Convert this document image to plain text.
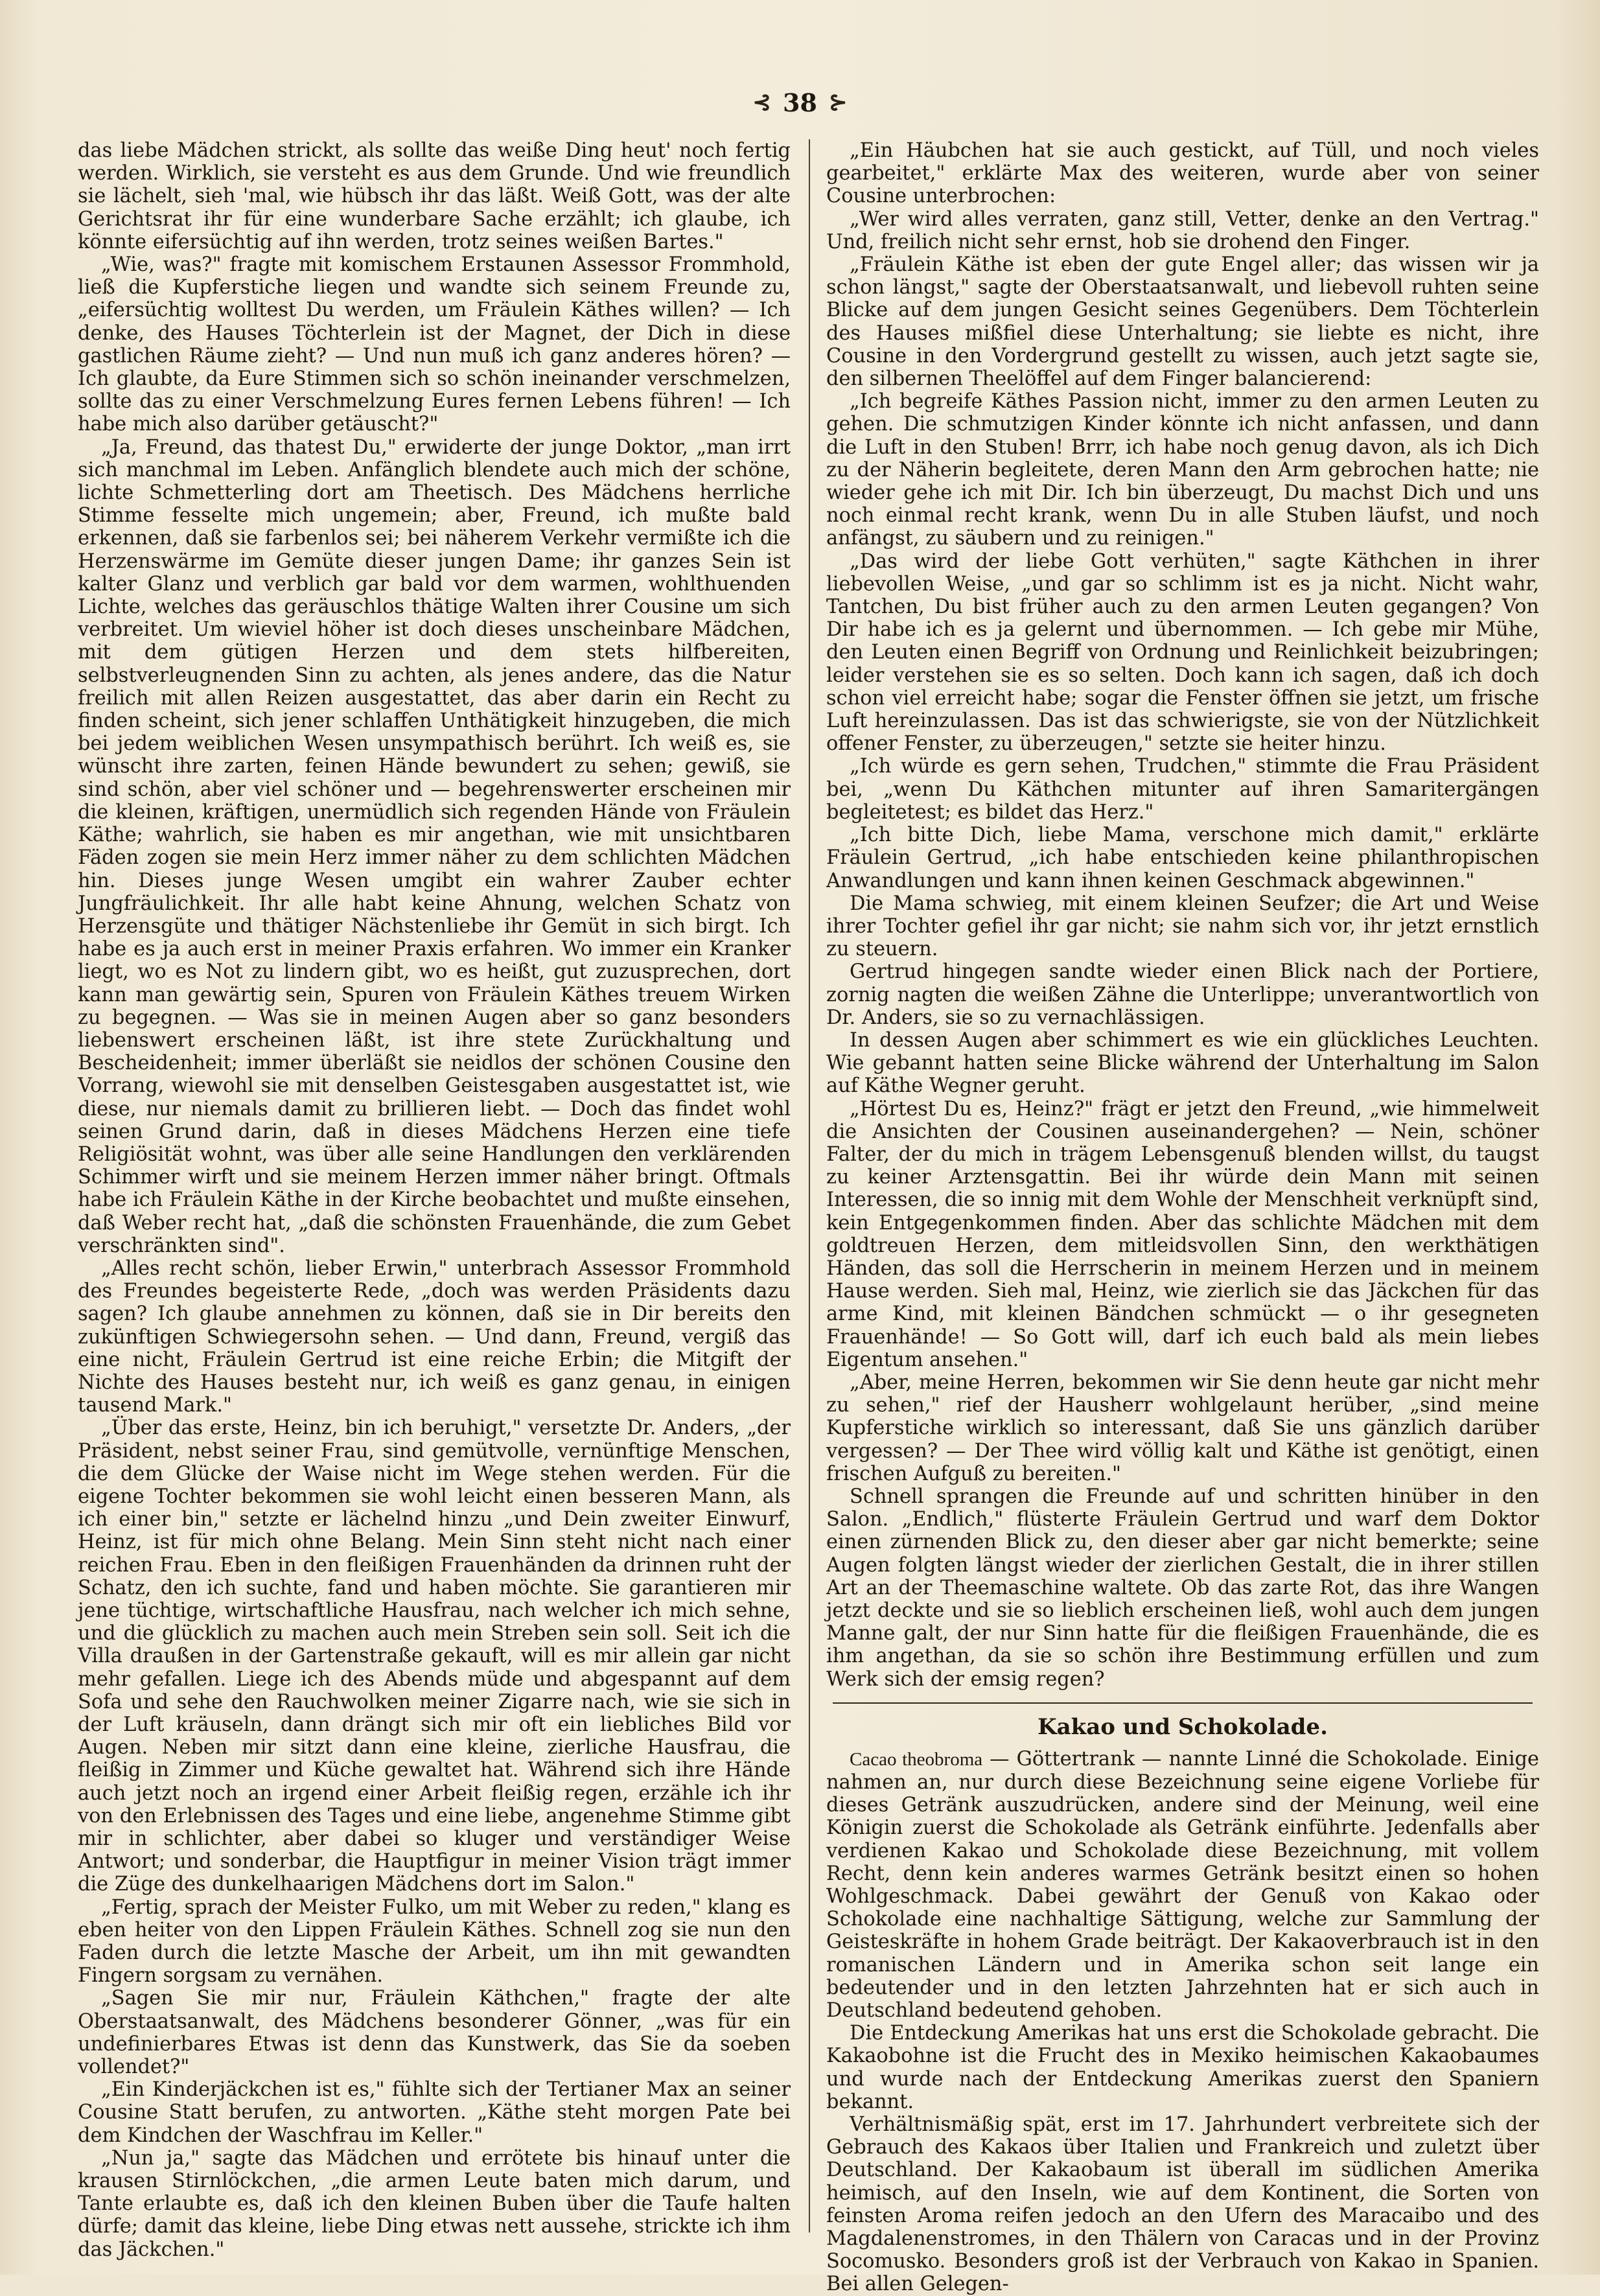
⊰ 38 ⊱

das liebe Mädchen strickt, als sollte das weiße Ding heut' noch fertig werden. Wirklich, sie versteht es aus dem Grunde. Und wie freundlich sie lächelt, sieh 'mal, wie hübsch ihr das läßt. Weiß Gott, was der alte Gerichtsrat ihr für eine wunderbare Sache erzählt; ich glaube, ich könnte eifersüchtig auf ihn werden, trotz seines weißen Bartes."

„Wie, was?" fragte mit komischem Erstaunen Assessor Frommhold, ließ die Kupferstiche liegen und wandte sich seinem Freunde zu, „eifersüchtig wolltest Du werden, um Fräulein Käthes willen? — Ich denke, des Hauses Töchterlein ist der Magnet, der Dich in diese gastlichen Räume zieht? — Und nun muß ich ganz anderes hören? — Ich glaubte, da Eure Stimmen sich so schön ineinander verschmelzen, sollte das zu einer Verschmelzung Eures fernen Lebens führen! — Ich habe mich also darüber getäuscht?"

„Ja, Freund, das thatest Du," erwiderte der junge Doktor, „man irrt sich manchmal im Leben. Anfänglich blendete auch mich der schöne, lichte Schmetterling dort am Theetisch. Des Mädchens herrliche Stimme fesselte mich ungemein; aber, Freund, ich mußte bald erkennen, daß sie farbenlos sei; bei näherem Verkehr vermißte ich die Herzenswärme im Gemüte dieser jungen Dame; ihr ganzes Sein ist kalter Glanz und verblich gar bald vor dem warmen, wohlthuenden Lichte, welches das geräuschlos thätige Walten ihrer Cousine um sich verbreitet. Um wieviel höher ist doch dieses unscheinbare Mädchen, mit dem gütigen Herzen und dem stets hilfbereiten, selbstverleugnenden Sinn zu achten, als jenes andere, das die Natur freilich mit allen Reizen ausgestattet, das aber darin ein Recht zu finden scheint, sich jener schlaffen Unthätigkeit hinzugeben, die mich bei jedem weiblichen Wesen unsympathisch berührt. Ich weiß es, sie wünscht ihre zarten, feinen Hände bewundert zu sehen; gewiß, sie sind schön, aber viel schöner und — begehrenswerter erscheinen mir die kleinen, kräftigen, unermüdlich sich regenden Hände von Fräulein Käthe; wahrlich, sie haben es mir angethan, wie mit unsichtbaren Fäden zogen sie mein Herz immer näher zu dem schlichten Mädchen hin. Dieses junge Wesen umgibt ein wahrer Zauber echter Jungfräulichkeit. Ihr alle habt keine Ahnung, welchen Schatz von Herzensgüte und thätiger Nächstenliebe ihr Gemüt in sich birgt. Ich habe es ja auch erst in meiner Praxis erfahren. Wo immer ein Kranker liegt, wo es Not zu lindern gibt, wo es heißt, gut zuzusprechen, dort kann man gewärtig sein, Spuren von Fräulein Käthes treuem Wirken zu begegnen. — Was sie in meinen Augen aber so ganz besonders liebenswert erscheinen läßt, ist ihre stete Zurückhaltung und Bescheidenheit; immer überläßt sie neidlos der schönen Cousine den Vorrang, wiewohl sie mit denselben Geistesgaben ausgestattet ist, wie diese, nur niemals damit zu brillieren liebt. — Doch das findet wohl seinen Grund darin, daß in dieses Mädchens Herzen eine tiefe Religiösität wohnt, was über alle seine Handlungen den verklärenden Schimmer wirft und sie meinem Herzen immer näher bringt. Oftmals habe ich Fräulein Käthe in der Kirche beobachtet und mußte einsehen, daß Weber recht hat, „daß die schönsten Frauenhände, die zum Gebet verschränkten sind".

„Alles recht schön, lieber Erwin," unterbrach Assessor Frommhold des Freundes begeisterte Rede, „doch was werden Präsidents dazu sagen? Ich glaube annehmen zu können, daß sie in Dir bereits den zukünftigen Schwiegersohn sehen. — Und dann, Freund, vergiß das eine nicht, Fräulein Gertrud ist eine reiche Erbin; die Mitgift der Nichte des Hauses besteht nur, ich weiß es ganz genau, in einigen tausend Mark."

„Über das erste, Heinz, bin ich beruhigt," versetzte Dr. Anders, „der Präsident, nebst seiner Frau, sind gemütvolle, vernünftige Menschen, die dem Glücke der Waise nicht im Wege stehen werden. Für die eigene Tochter bekommen sie wohl leicht einen besseren Mann, als ich einer bin," setzte er lächelnd hinzu „und Dein zweiter Einwurf, Heinz, ist für mich ohne Belang. Mein Sinn steht nicht nach einer reichen Frau. Eben in den fleißigen Frauenhänden da drinnen ruht der Schatz, den ich suchte, fand und haben möchte. Sie garantieren mir jene tüchtige, wirtschaftliche Hausfrau, nach welcher ich mich sehne, und die glücklich zu machen auch mein Streben sein soll. Seit ich die Villa draußen in der Gartenstraße gekauft, will es mir allein gar nicht mehr gefallen. Liege ich des Abends müde und abgespannt auf dem Sofa und sehe den Rauchwolken meiner Zigarre nach, wie sie sich in der Luft kräuseln, dann drängt sich mir oft ein liebliches Bild vor Augen. Neben mir sitzt dann eine kleine, zierliche Hausfrau, die fleißig in Zimmer und Küche gewaltet hat. Während sich ihre Hände auch jetzt noch an irgend einer Arbeit fleißig regen, erzähle ich ihr von den Erlebnissen des Tages und eine liebe, angenehme Stimme gibt mir in schlichter, aber dabei so kluger und verständiger Weise Antwort; und sonderbar, die Hauptfigur in meiner Vision trägt immer die Züge des dunkelhaarigen Mädchens dort im Salon."

„Fertig, sprach der Meister Fulko, um mit Weber zu reden," klang es eben heiter von den Lippen Fräulein Käthes. Schnell zog sie nun den Faden durch die letzte Masche der Arbeit, um ihn mit gewandten Fingern sorgsam zu vernähen.

„Sagen Sie mir nur, Fräulein Käthchen," fragte der alte Oberstaatsanwalt, des Mädchens besonderer Gönner, „was für ein undefinierbares Etwas ist denn das Kunstwerk, das Sie da soeben vollendet?"

„Ein Kinderjäckchen ist es," fühlte sich der Tertianer Max an seiner Cousine Statt berufen, zu antworten. „Käthe steht morgen Pate bei dem Kindchen der Waschfrau im Keller."

„Nun ja," sagte das Mädchen und errötete bis hinauf unter die krausen Stirnlöckchen, „die armen Leute baten mich darum, und Tante erlaubte es, daß ich den kleinen Buben über die Taufe halten dürfe; damit das kleine, liebe Ding etwas nett aussehe, strickte ich ihm das Jäckchen."

„Ein Häubchen hat sie auch gestickt, auf Tüll, und noch vieles gearbeitet," erklärte Max des weiteren, wurde aber von seiner Cousine unterbrochen:

„Wer wird alles verraten, ganz still, Vetter, denke an den Vertrag." Und, freilich nicht sehr ernst, hob sie drohend den Finger.

„Fräulein Käthe ist eben der gute Engel aller; das wissen wir ja schon längst," sagte der Oberstaatsanwalt, und liebevoll ruhten seine Blicke auf dem jungen Gesicht seines Gegenübers. Dem Töchterlein des Hauses mißfiel diese Unterhaltung; sie liebte es nicht, ihre Cousine in den Vordergrund gestellt zu wissen, auch jetzt sagte sie, den silbernen Theelöffel auf dem Finger balancierend:

„Ich begreife Käthes Passion nicht, immer zu den armen Leuten zu gehen. Die schmutzigen Kinder könnte ich nicht anfassen, und dann die Luft in den Stuben! Brrr, ich habe noch genug davon, als ich Dich zu der Näherin begleitete, deren Mann den Arm gebrochen hatte; nie wieder gehe ich mit Dir. Ich bin überzeugt, Du machst Dich und uns noch einmal recht krank, wenn Du in alle Stuben läufst, und noch anfängst, zu säubern und zu reinigen."

„Das wird der liebe Gott verhüten," sagte Käthchen in ihrer liebevollen Weise, „und gar so schlimm ist es ja nicht. Nicht wahr, Tantchen, Du bist früher auch zu den armen Leuten gegangen? Von Dir habe ich es ja gelernt und übernommen. — Ich gebe mir Mühe, den Leuten einen Begriff von Ordnung und Reinlichkeit beizubringen; leider verstehen sie es so selten. Doch kann ich sagen, daß ich doch schon viel erreicht habe; sogar die Fenster öffnen sie jetzt, um frische Luft hereinzulassen. Das ist das schwierigste, sie von der Nützlichkeit offener Fenster, zu überzeugen," setzte sie heiter hinzu.

„Ich würde es gern sehen, Trudchen," stimmte die Frau Präsident bei, „wenn Du Käthchen mitunter auf ihren Samaritergängen begleitetest; es bildet das Herz."

„Ich bitte Dich, liebe Mama, verschone mich damit," erklärte Fräulein Gertrud, „ich habe entschieden keine philanthropischen Anwandlungen und kann ihnen keinen Geschmack abgewinnen."

Die Mama schwieg, mit einem kleinen Seufzer; die Art und Weise ihrer Tochter gefiel ihr gar nicht; sie nahm sich vor, ihr jetzt ernstlich zu steuern.

Gertrud hingegen sandte wieder einen Blick nach der Portiere, zornig nagten die weißen Zähne die Unterlippe; unverantwortlich von Dr. Anders, sie so zu vernachlässigen.

In dessen Augen aber schimmert es wie ein glückliches Leuchten. Wie gebannt hatten seine Blicke während der Unterhaltung im Salon auf Käthe Wegner geruht.

„Hörtest Du es, Heinz?" frägt er jetzt den Freund, „wie himmelweit die Ansichten der Cousinen auseinandergehen? — Nein, schöner Falter, der du mich in trägem Lebensgenuß blenden willst, du taugst zu keiner Arztensgattin. Bei ihr würde dein Mann mit seinen Interessen, die so innig mit dem Wohle der Menschheit verknüpft sind, kein Entgegenkommen finden. Aber das schlichte Mädchen mit dem goldtreuen Herzen, dem mitleidsvollen Sinn, den werkthätigen Händen, das soll die Herrscherin in meinem Herzen und in meinem Hause werden. Sieh mal, Heinz, wie zierlich sie das Jäckchen für das arme Kind, mit kleinen Bändchen schmückt — o ihr gesegneten Frauenhände! — So Gott will, darf ich euch bald als mein liebes Eigentum ansehen."

„Aber, meine Herren, bekommen wir Sie denn heute gar nicht mehr zu sehen," rief der Hausherr wohlgelaunt herüber, „sind meine Kupferstiche wirklich so interessant, daß Sie uns gänzlich darüber vergessen? — Der Thee wird völlig kalt und Käthe ist genötigt, einen frischen Aufguß zu bereiten."

Schnell sprangen die Freunde auf und schritten hinüber in den Salon. „Endlich," flüsterte Fräulein Gertrud und warf dem Doktor einen zürnenden Blick zu, den dieser aber gar nicht bemerkte; seine Augen folgten längst wieder der zierlichen Gestalt, die in ihrer stillen Art an der Theemaschine waltete. Ob das zarte Rot, das ihre Wangen jetzt deckte und sie so lieblich erscheinen ließ, wohl auch dem jungen Manne galt, der nur Sinn hatte für die fleißigen Frauenhände, die es ihm angethan, da sie so schön ihre Bestimmung erfüllen und zum Werk sich der emsig regen?

Kakao und Schokolade.

Cacao theobroma — Göttertrank — nannte Linné die Schokolade. Einige nahmen an, nur durch diese Bezeichnung seine eigene Vorliebe für dieses Getränk auszudrücken, andere sind der Meinung, weil eine Königin zuerst die Schokolade als Getränk einführte. Jedenfalls aber verdienen Kakao und Schokolade diese Bezeichnung, mit vollem Recht, denn kein anderes warmes Getränk besitzt einen so hohen Wohlgeschmack. Dabei gewährt der Genuß von Kakao oder Schokolade eine nachhaltige Sättigung, welche zur Sammlung der Geisteskräfte in hohem Grade beiträgt. Der Kakaoverbrauch ist in den romanischen Ländern und in Amerika schon seit lange ein bedeutender und in den letzten Jahrzehnten hat er sich auch in Deutschland bedeutend gehoben.

Die Entdeckung Amerikas hat uns erst die Schokolade gebracht. Die Kakaobohne ist die Frucht des in Mexiko heimischen Kakaobaumes und wurde nach der Entdeckung Amerikas zuerst den Spaniern bekannt.

Verhältnismäßig spät, erst im 17. Jahrhundert verbreitete sich der Gebrauch des Kakaos über Italien und Frankreich und zuletzt über Deutschland. Der Kakaobaum ist überall im südlichen Amerika heimisch, auf den Inseln, wie auf dem Kontinent, die Sorten von feinsten Aroma reifen jedoch an den Ufern des Maracaibo und des Magdalenenstromes, in den Thälern von Caracas und in der Provinz Socomusko. Besonders groß ist der Verbrauch von Kakao in Spanien. Bei allen Gelegen-
